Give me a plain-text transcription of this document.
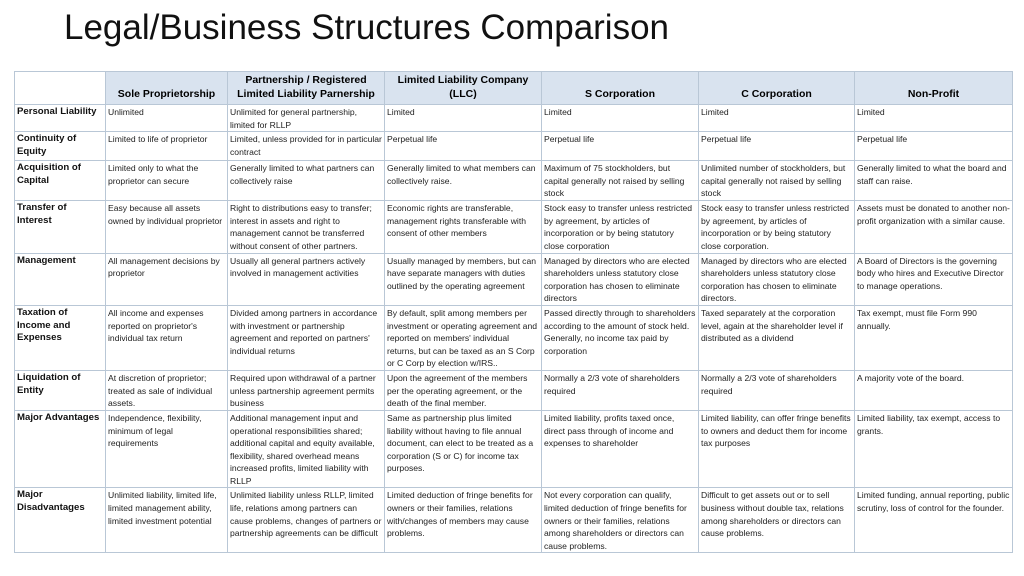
Legal/Business Structures Comparison
	Sole Proprietorship	Partnership / Registered Limited Liability Parnership	Limited Liability Company (LLC)	S Corporation	C Corporation	Non-Profit
Personal Liability	Unlimited	Unlimited for general partnership, limited for RLLP	Limited	Limited	Limited	Limited
Continuity of Equity	Limited to life of proprietor	Limited, unless provided for in particular contract	Perpetual life	Perpetual life	Perpetual life	Perpetual life
Acquisition of Capital	Limited only to what the proprietor can secure	Generally limited to what partners can collectively raise	Generally limited to what members can collectively raise.	Maximum of 75 stockholders, but capital generally not raised by selling stock	Unlimited number of stockholders, but capital generally not raised by selling stock	Generally limited to what the board and staff can raise.
Transfer of Interest	Easy because all assets owned by individual proprietor	Right to distributions easy to transfer; interest in assets and right to management cannot be transferred without consent of other partners.	Economic rights are transferable, management rights transferable with consent of other members	Stock easy to transfer unless restricted by agreement, by articles of incorporation or by being statutory close corporation	Stock easy to transfer unless restricted by agreement, by articles of incorporation or by being statutory close corporation.	Assets must be donated to another non-profit organization with a similar cause.
Management	All management decisions by proprietor	Usually all general partners actively involved in management activities	Usually managed by members, but can have separate managers with duties outlined by the operating agreement	Managed by directors who are elected shareholders unless statutory close corporation has chosen to eliminate directors	Managed by directors who are elected shareholders unless statutory close corporation has chosen to eliminate directors.	A Board of Directors is the governing body who hires and Executive Director to manage operations.
Taxation of Income and Expenses	All income and expenses reported on proprietor's individual tax return	Divided among partners in accordance with investment or partnership agreement and reported on partners' individual returns	By default, split among members per investment or operating agreement and reported on members' individual returns, but can be taxed as an S Corp or C Corp by election w/IRS..	Passed directly through to shareholders according to the amount of stock held. Generally, no income tax paid by corporation	Taxed separately at the corporation level, again at the shareholder level if distributed as a dividend	Tax exempt, must file Form 990 annually.
Liquidation of Entity	At discretion of proprietor; treated as sale of individual assets.	Required upon withdrawal of a partner unless partnership agreement permits business	Upon the agreement of the members per the operating agreement, or the death of the final member.	Normally a 2/3 vote of shareholders required	Normally a 2/3 vote of shareholders required	A majority vote of the board.
Major Advantages	Independence, flexibility, minimum of legal requirements	Additional management input and operational responsibilities shared; additional capital and equity available, flexibility, shared overhead means increased profits, limited liability with RLLP	Same as partnership plus limited liability without having to file annual document, can elect to be treated as a corporation (S or C) for income tax purposes.	Limited liability, profits taxed once, direct pass through of income and expenses to shareholder	Limited liability, can offer fringe benefits to owners and deduct them for income tax purposes	Limited liability, tax exempt, access to grants.
Major Disadvantages	Unlimited liability, limited life, limited management ability, limited investment potential	Unlimited liability unless RLLP, limited life, relations among partners can cause problems, changes of partners or partnership agreements can be difficult	Limited deduction of fringe benefits for owners or their families, relations with/changes of members may cause problems.	Not every corporation can qualify, limited deduction of fringe benefits for owners or their families, relations among shareholders or directors can cause problems.	Difficult to get assets out or to sell business without double tax, relations among shareholders or directors can cause problems.	Limited funding, annual reporting, public scrutiny, loss of control for the founder.
